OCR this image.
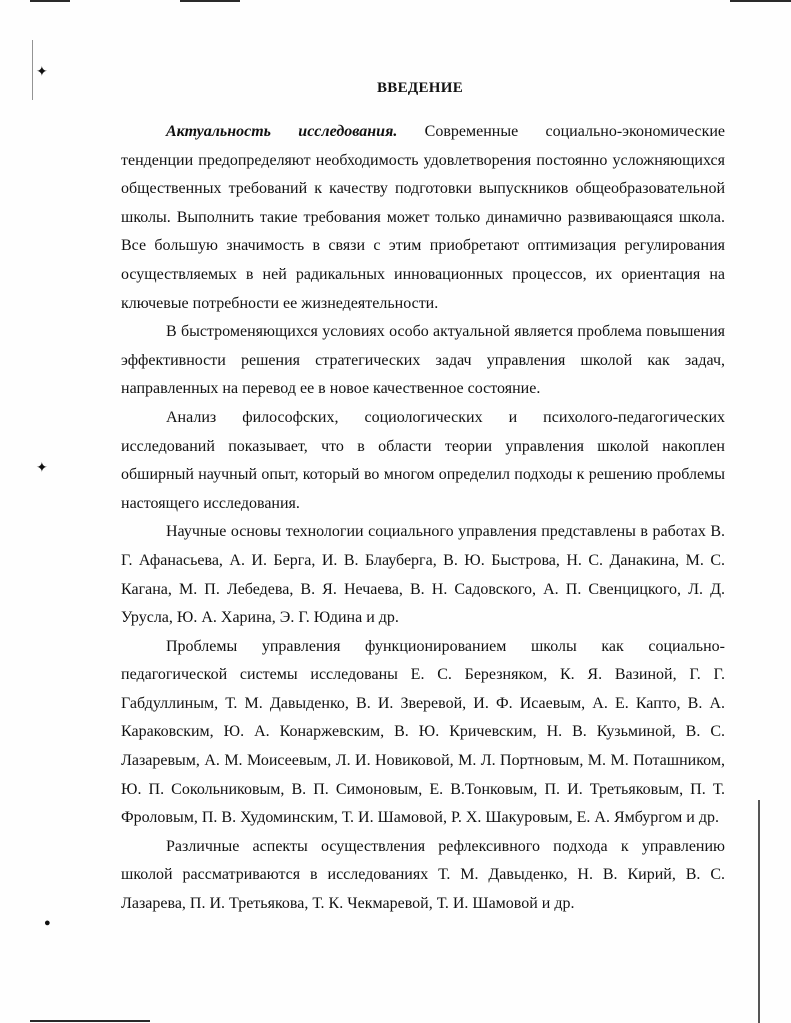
✦
✦
●
ВВЕДЕНИЕ

Актуальность исследования. Современные социально-экономические тенденции предопределяют необходимость удовлетворения постоянно усложняющихся общественных требований к качеству подготовки выпускников общеобразовательной школы. Выполнить такие требования может только динамично развивающаяся школа. Все большую значимость в связи с этим приобретают оптимизация регулирования осуществляемых в ней радикальных инновационных процессов, их ориентация на ключевые потребности ее жизнедеятельности.

В быстроменяющихся условиях особо актуальной является проблема повышения эффективности решения стратегических задач управления школой как задач, направленных на перевод ее в новое качественное состояние.

Анализ философских, социологических и психолого-педагогических исследований показывает, что в области теории управления школой накоплен обширный научный опыт, который во многом определил подходы к решению проблемы настоящего исследования.

Научные основы технологии социального управления представлены в работах В. Г. Афанасьева, А. И. Берга, И. В. Блауберга, В. Ю. Быстрова, Н. С. Данакина, М. С. Кагана, М. П. Лебедева, В. Я. Нечаева, В. Н. Садовского, А. П. Свенцицкого, Л. Д. Урусла, Ю. А. Харина, Э. Г. Юдина и др.

Проблемы управления функционированием школы как социально-педагогической системы исследованы Е. С. Березняком, К. Я. Вазиной, Г. Г. Габдуллиным, Т. М. Давыденко, В. И. Зверевой, И. Ф. Исаевым, А. Е. Капто, В. А. Караковским, Ю. А. Конаржевским, В. Ю. Кричевским, Н. В. Кузьминой, В. С. Лазаревым, А. М. Моисеевым, Л. И. Новиковой, М. Л. Портновым, М. М. Поташником, Ю. П. Сокольниковым, В. П. Симоновым, Е. В.Тонковым, П. И. Третьяковым, П. Т. Фроловым, П. В. Худоминским, Т. И. Шамовой, Р. Х. Шакуровым, Е. А. Ямбургом и др.

Различные аспекты осуществления рефлексивного подхода к управлению школой рассматриваются в исследованиях Т. М. Давыденко, Н. В. Кирий, В. С. Лазарева, П. И. Третьякова, Т. К. Чекмаревой, Т. И. Шамовой и др.
